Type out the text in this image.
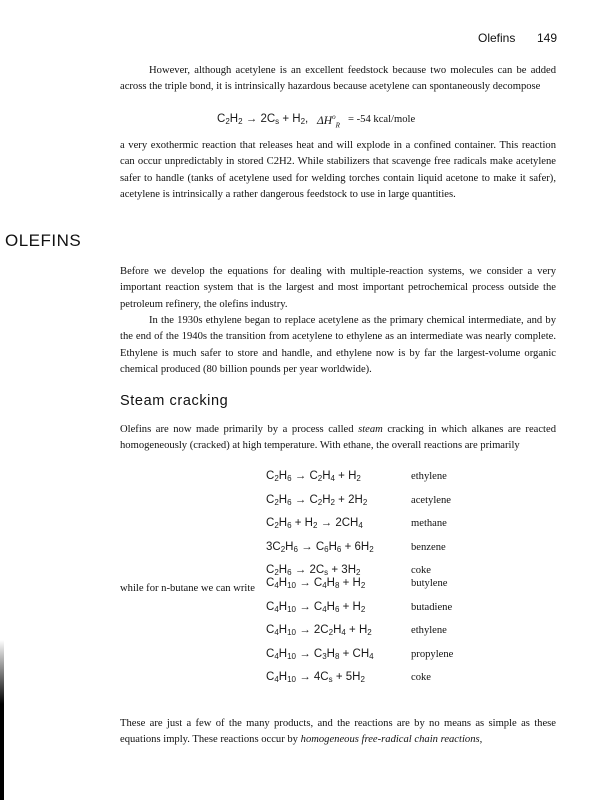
Olefins 149
However, although acetylene is an excellent feedstock because two molecules can be added across the triple bond, it is intrinsically hazardous because acetylene can spontaneously decompose
$C_2H_2 \to 2C_s + H_2$, $\Delta H^o_R$
= -54 kcal/mole
a very exothermic reaction that releases heat and will explode in a confined container. This reaction can occur unpredictably in stored C2H2. While stabilizers that scavenge free radicals make acetylene safer to handle (tanks of acetylene used for welding torches contain liquid acetone to make it safer), acetylene is intrinsically a rather dangerous feedstock to use in large quantities.
OLEFINS
Before we develop the equations for dealing with multiple-reaction systems, we consider a very important reaction system that is the largest and most important petrochemical process outside the petroleum refinery, the olefins industry.
In the 1930s ethylene began to replace acetylene as the primary chemical intermediate, and by the end of the 1940s the transition from acetylene to ethylene as an intermediate was nearly complete. Ethylene is much safer to store and handle, and ethylene now is by far the largest-volume organic chemical produced (80 billion pounds per year worldwide).
Steam cracking
Olefins are now made primarily by a process called steam cracking in which alkanes are reacted homogeneously (cracked) at high temperature. With ethane, the overall reactions are primarily
$C_2H_6 \to C_2H_4 + H_2$	ethylene
$C_2H_6 \to C_2H_2 + 2H_2$	acetylene
$C_2H_6 + H_2 \to 2CH_4$	methane
$3C_2H_6 \to C_6H_6 + 6H_2$	benzene
$C_2H_6 \to 2C_s + 3H_2$	coke
while for n-butane we can write $C_4H_{10} \to C_4H_8 + H_2$	butylene
$C_4H_{10} \to C_4H_6 + H_2$	butadiene
$C_4H_{10} \to 2C_2H_4 + H_2$	ethylene
$C_4H_{10} \to C_3H_8 + CH_4$	propylene
$C_4H_{10} \to 4C_s + 5H_2$	coke
These are just a few of the many products, and the reactions are by no means as simple as these equations imply. These reactions occur by homogeneous free-radical chain reactions,
